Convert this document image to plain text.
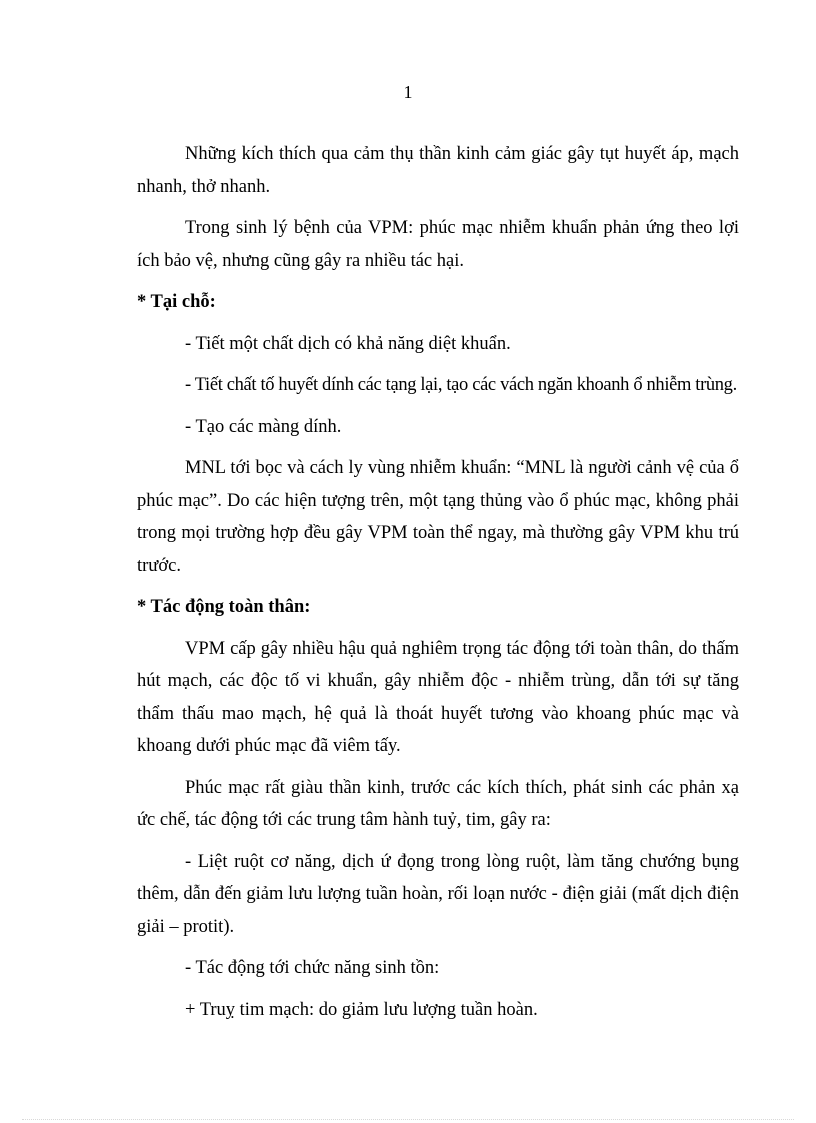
1

Những kích thích qua cảm thụ thần kinh cảm giác gây tụt huyết áp, mạch nhanh, thở nhanh.

Trong sinh lý bệnh của VPM: phúc mạc nhiễm khuẩn phản ứng theo lợi ích bảo vệ, nhưng cũng gây ra nhiều tác hại.

* Tại chỗ:

- Tiết một chất dịch có khả năng diệt khuẩn.

- Tiết chất tố huyết dính các tạng lại, tạo các vách ngăn khoanh ổ nhiễm trùng.

- Tạo các màng dính.

MNL tới bọc và cách ly vùng nhiễm khuẩn: “MNL là người cảnh vệ của ổ phúc mạc”. Do các hiện tượng trên, một tạng thủng vào ổ phúc mạc, không phải trong mọi trường hợp đều gây VPM toàn thể ngay, mà thường gây VPM khu trú trước.

* Tác động toàn thân:

VPM cấp gây nhiều hậu quả nghiêm trọng tác động tới toàn thân, do thấm hút mạch, các độc tố vi khuẩn, gây nhiễm độc - nhiễm trùng, dẫn tới sự tăng thẩm thấu mao mạch, hệ quả là thoát huyết tương vào khoang phúc mạc và khoang dưới phúc mạc đã viêm tấy.

Phúc mạc rất giàu thần kinh, trước các kích thích, phát sinh các phản xạ ức chế, tác động tới các trung tâm hành tuỷ, tim, gây ra:

- Liệt ruột cơ năng, dịch ứ đọng trong lòng ruột, làm tăng chướng bụng thêm, dẫn đến giảm lưu lượng tuần hoàn, rối loạn nước - điện giải (mất dịch điện giải – protit).

- Tác động tới chức năng sinh tồn:

+ Truỵ tim mạch: do giảm lưu lượng tuần hoàn.
